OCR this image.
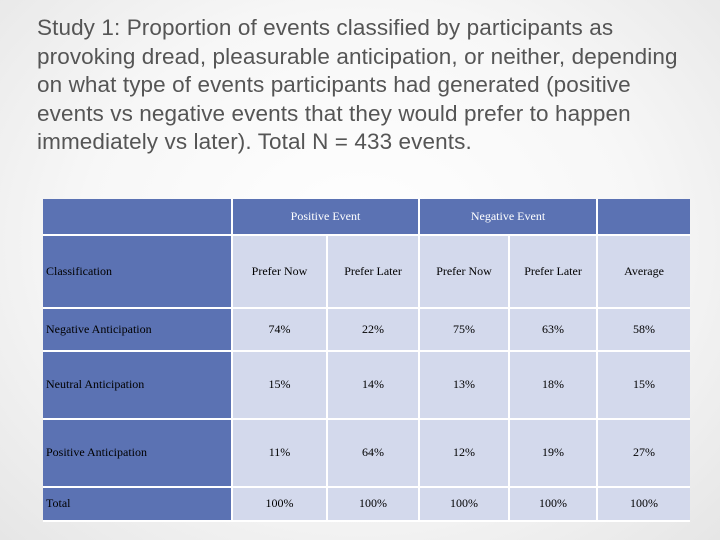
Study 1: Proportion of events classified by participants as provoking dread, pleasurable anticipation, or neither, depending on what type of events participants had generated (positive events vs negative events that they would prefer to happen immediately vs later). Total N = 433 events.
	Positive Event		Negative Event		
Classification	Prefer Now	Prefer Later	Prefer Now	Prefer Later	Average
Negative Anticipation	74%	22%	75%	63%	58%
Neutral Anticipation	15%	14%	13%	18%	15%
Positive Anticipation	11%	64%	12%	19%	27%
Total	100%	100%	100%	100%	100%
